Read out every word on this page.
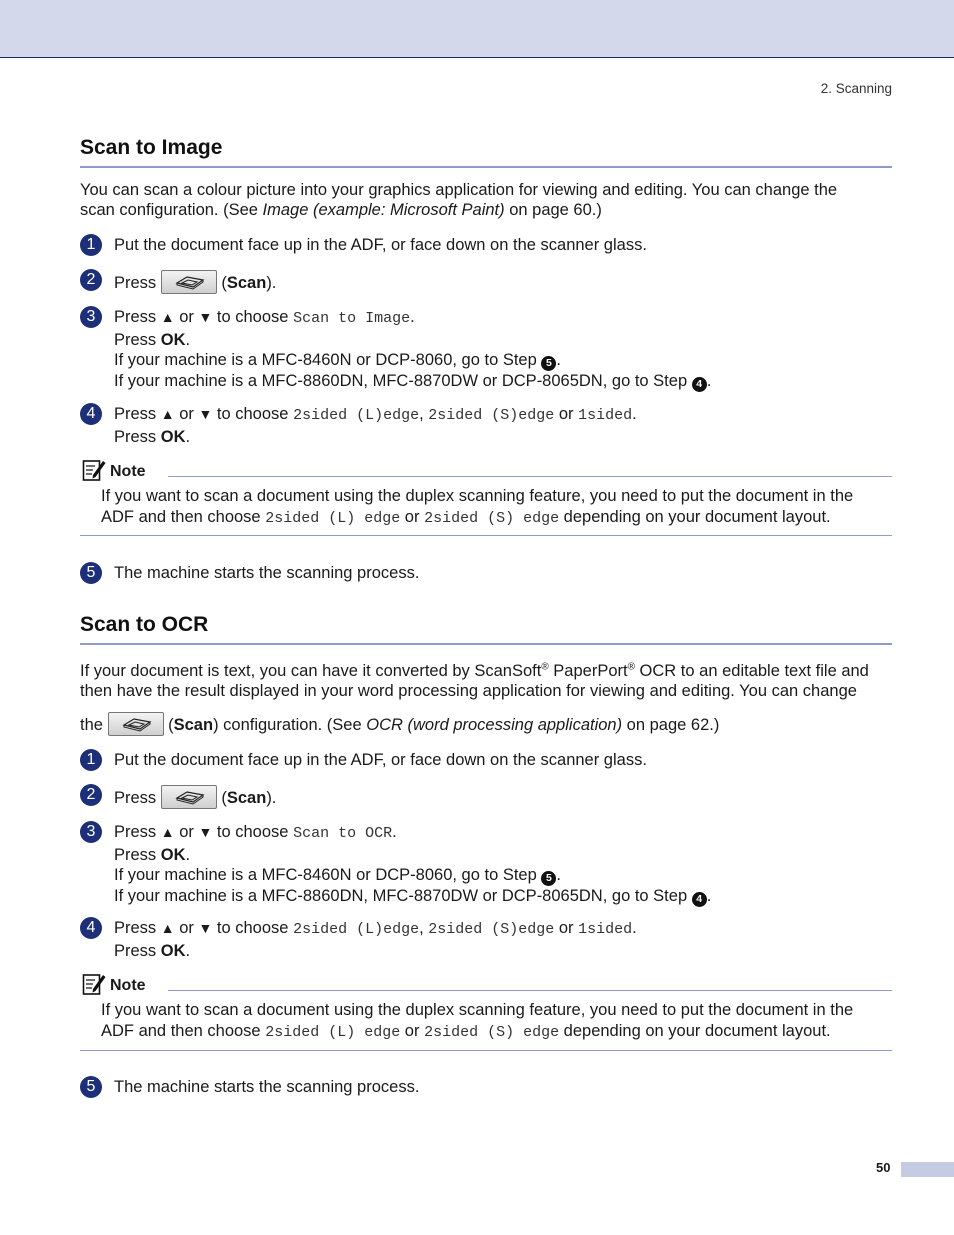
2. Scanning
Scan to Image
You can scan a colour picture into your graphics application for viewing and editing. You can change the
scan configuration. (See Image (example: Microsoft Paint) on page 60.)
1	Put the document face up in the ADF, or face down on the scanner glass.
2	Press	(Scan).
3	Press ▲ or ▼ to choose Scan to Image.
Press OK.
If your machine is a MFC-8460N or DCP-8060, go to Step 5 .
If your machine is a MFC-8860DN, MFC-8870DW or DCP-8065DN, go to Step 4 .
4	Press ▲ or ▼ to choose 2sided (L)edge, 2sided (S)edge or 1sided.
Press OK.
Note
If you want to scan a document using the duplex scanning feature, you need to put the document in the
ADF and then choose 2sided (L) edge or 2sided (S) edge depending on your document layout.
5	The machine starts the scanning process.
Scan to OCR
If your document is text, you can have it converted by ScanSoft® PaperPort® OCR to an editable text file and
then have the result displayed in your word processing application for viewing and editing. You can change
the	(Scan) configuration. (See OCR (word processing application) on page 62.)
1	Put the document face up in the ADF, or face down on the scanner glass.
2	Press	(Scan).
3	Press ▲ or ▼ to choose Scan to OCR.
Press OK.
If your machine is a MFC-8460N or DCP-8060, go to Step 5 .
If your machine is a MFC-8860DN, MFC-8870DW or DCP-8065DN, go to Step 4 .
4	Press ▲ or ▼ to choose 2sided (L)edge, 2sided (S)edge or 1sided.
Press OK.
Note
If you want to scan a document using the duplex scanning feature, you need to put the document in the
ADF and then choose 2sided (L) edge or 2sided (S) edge depending on your document layout.
5	The machine starts the scanning process.
50
